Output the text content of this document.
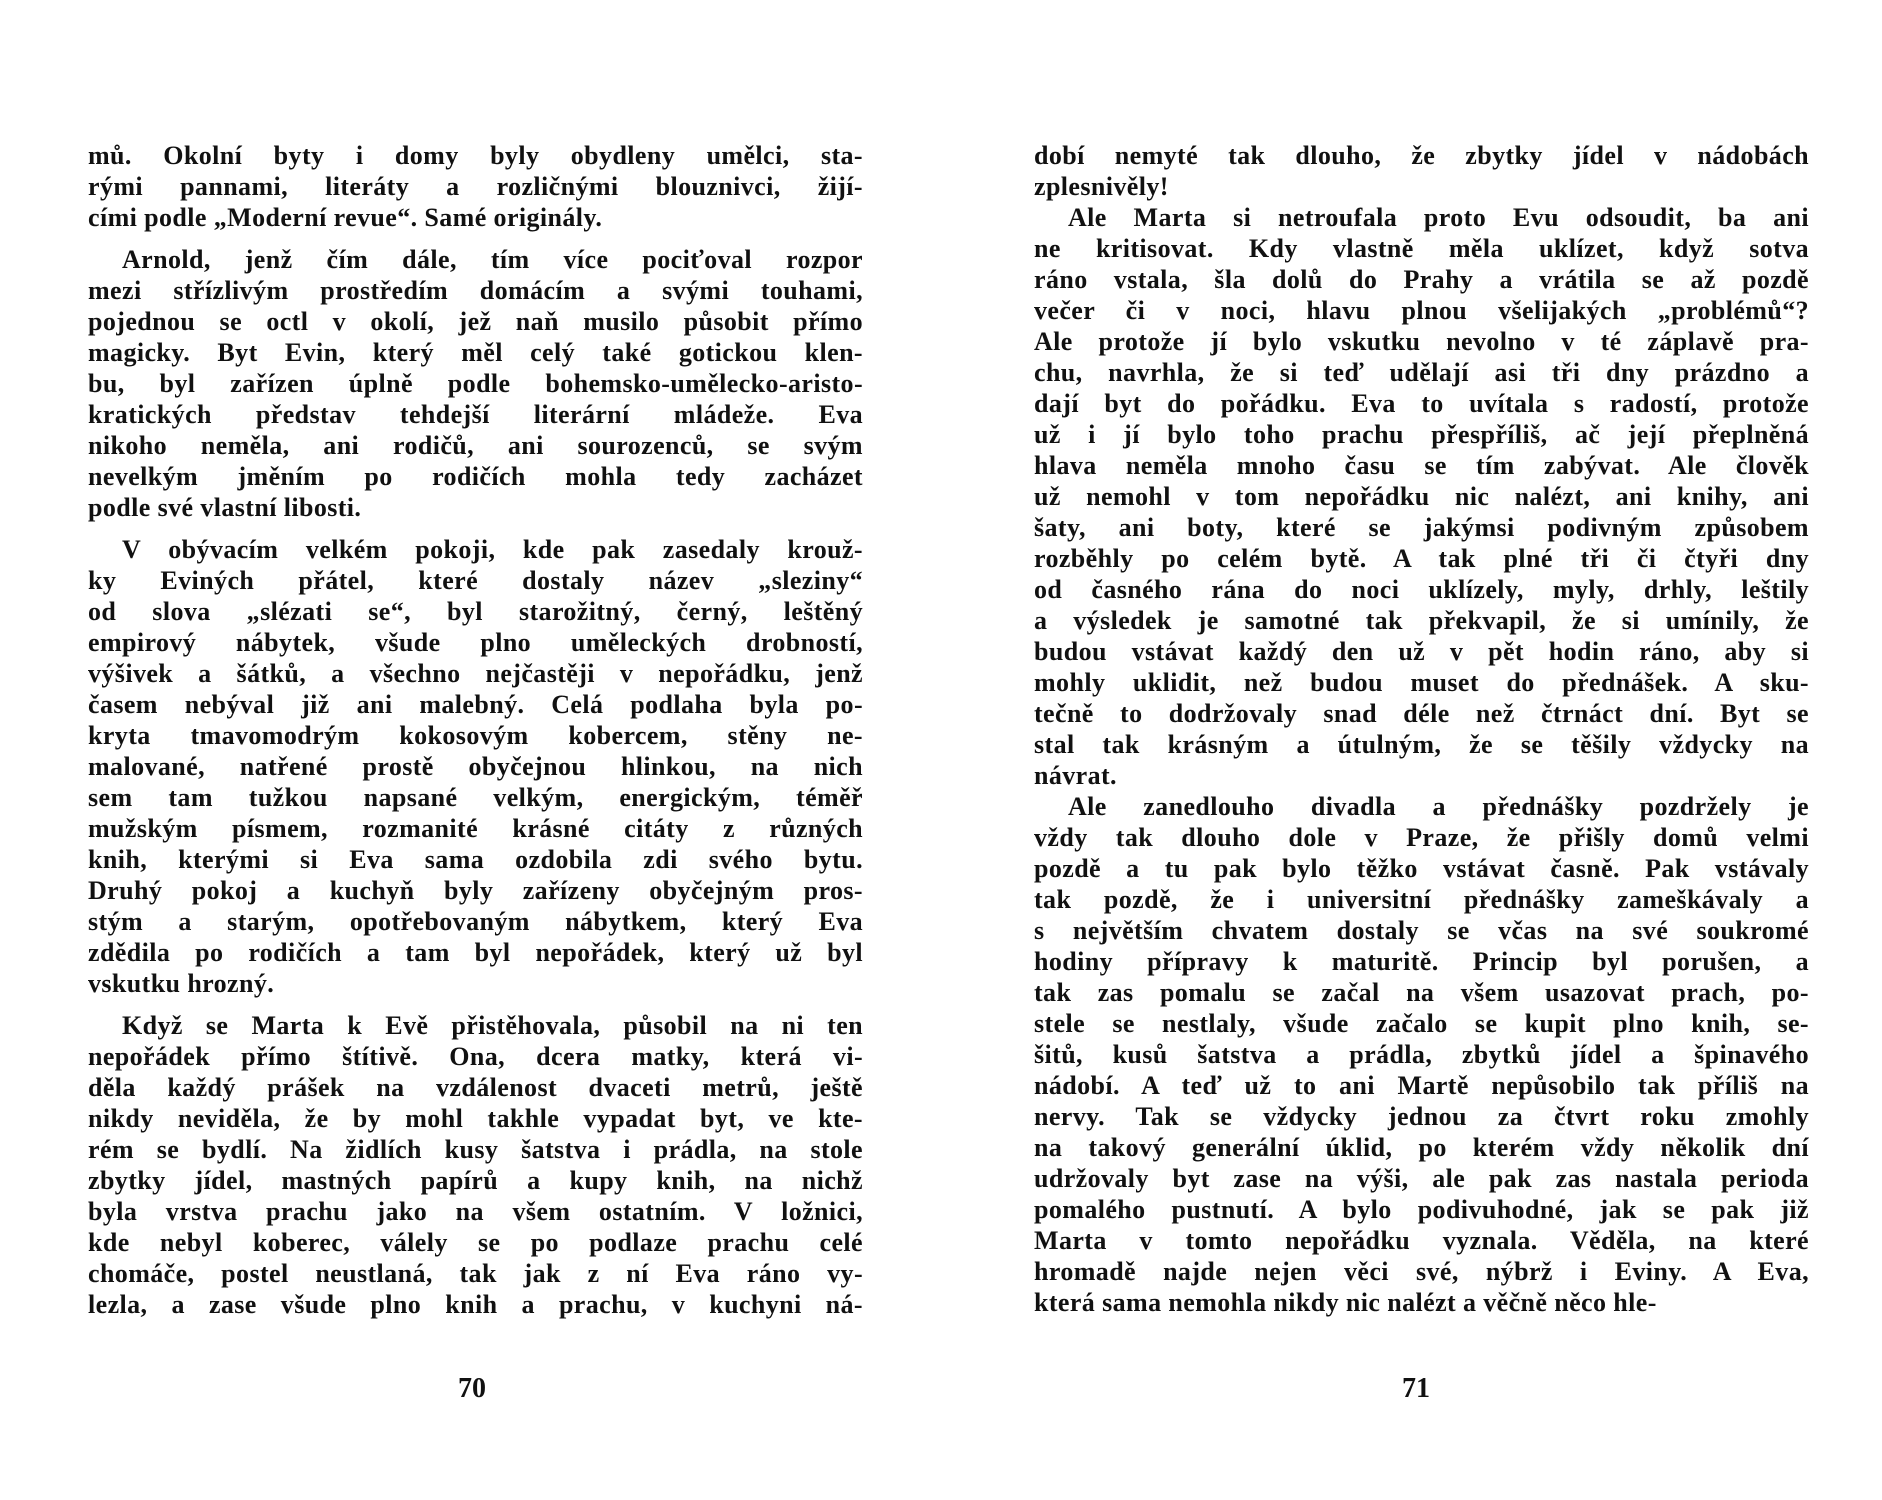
mů. Okolní byty i domy byly obydleny umělci, sta-
rými pannami, literáty a rozličnými blouznivci, žijí-
cími podle „Moderní revue“. Samé originály.
Arnold, jenž čím dále, tím více pociťoval rozpor
mezi střízlivým prostředím domácím a svými touhami,
pojednou se octl v okolí, jež naň musilo působit přímo
magicky. Byt Evin, který měl celý také gotickou klen-
bu, byl zařízen úplně podle bohemsko-umělecko-aristo-
kratických představ tehdejší literární mládeže. Eva
nikoho neměla, ani rodičů, ani sourozenců, se svým
nevelkým jměním po rodičích mohla tedy zacházet
podle své vlastní libosti.
V obývacím velkém pokoji, kde pak zasedaly krouž-
ky Eviných přátel, které dostaly název „sleziny“
od slova „slézati se“, byl starožitný, černý, leštěný
empirový nábytek, všude plno uměleckých drobností,
výšivek a šátků, a všechno nejčastěji v nepořádku, jenž
časem nebýval již ani malebný. Celá podlaha byla po-
kryta tmavomodrým kokosovým kobercem, stěny ne-
malované, natřené prostě obyčejnou hlinkou, na nich
sem tam tužkou napsané velkým, energickým, téměř
mužským písmem, rozmanité krásné citáty z různých
knih, kterými si Eva sama ozdobila zdi svého bytu.
Druhý pokoj a kuchyň byly zařízeny obyčejným pros-
stým a starým, opotřebovaným nábytkem, který Eva
zdědila po rodičích a tam byl nepořádek, který už byl
vskutku hrozný.
Když se Marta k Evě přistěhovala, působil na ni ten
nepořádek přímo štítivě. Ona, dcera matky, která vi-
děla každý prášek na vzdálenost dvaceti metrů, ještě
nikdy neviděla, že by mohl takhle vypadat byt, ve kte-
rém se bydlí. Na židlích kusy šatstva i prádla, na stole
zbytky jídel, mastných papírů a kupy knih, na nichž
byla vrstva prachu jako na všem ostatním. V ložnici,
kde nebyl koberec, válely se po podlaze prachu celé
chomáče, postel neustlaná, tak jak z ní Eva ráno vy-
lezla, a zase všude plno knih a prachu, v kuchyni ná-
70
dobí nemyté tak dlouho, že zbytky jídel v nádobách
zplesnivěly!
Ale Marta si netroufala proto Evu odsoudit, ba ani
ne kritisovat. Kdy vlastně měla uklízet, když sotva
ráno vstala, šla dolů do Prahy a vrátila se až pozdě
večer či v noci, hlavu plnou všelijakých „problémů“?
Ale protože jí bylo vskutku nevolno v té záplavě pra-
chu, navrhla, že si teď udělají asi tři dny prázdno a
dají byt do pořádku. Eva to uvítala s radostí, protože
už i jí bylo toho prachu přespříliš, ač její přeplněná
hlava neměla mnoho času se tím zabývat. Ale člověk
už nemohl v tom nepořádku nic nalézt, ani knihy, ani
šaty, ani boty, které se jakýmsi podivným způsobem
rozběhly po celém bytě. A tak plné tři či čtyři dny
od časného rána do noci uklízely, myly, drhly, leštily
a výsledek je samotné tak překvapil, že si umínily, že
budou vstávat každý den už v pět hodin ráno, aby si
mohly uklidit, než budou muset do přednášek. A sku-
tečně to dodržovaly snad déle než čtrnáct dní. Byt se
stal tak krásným a útulným, že se těšily vždycky na
návrat.
Ale zanedlouho divadla a přednášky pozdržely je
vždy tak dlouho dole v Praze, že přišly domů velmi
pozdě a tu pak bylo těžko vstávat časně. Pak vstávaly
tak pozdě, že i universitní přednášky zameškávaly a
s největším chvatem dostaly se včas na své soukromé
hodiny přípravy k maturitě. Princip byl porušen, a
tak zas pomalu se začal na všem usazovat prach, po-
stele se nestlaly, všude začalo se kupit plno knih, se-
šitů, kusů šatstva a prádla, zbytků jídel a špinavého
nádobí. A teď už to ani Martě nepůsobilo tak příliš na
nervy. Tak se vždycky jednou za čtvrt roku zmohly
na takový generální úklid, po kterém vždy několik dní
udržovaly byt zase na výši, ale pak zas nastala perioda
pomalého pustnutí. A bylo podivuhodné, jak se pak již
Marta v tomto nepořádku vyznala. Věděla, na které
hromadě najde nejen věci své, nýbrž i Eviny. A Eva,
která sama nemohla nikdy nic nalézt a věčně něco hle-
71
